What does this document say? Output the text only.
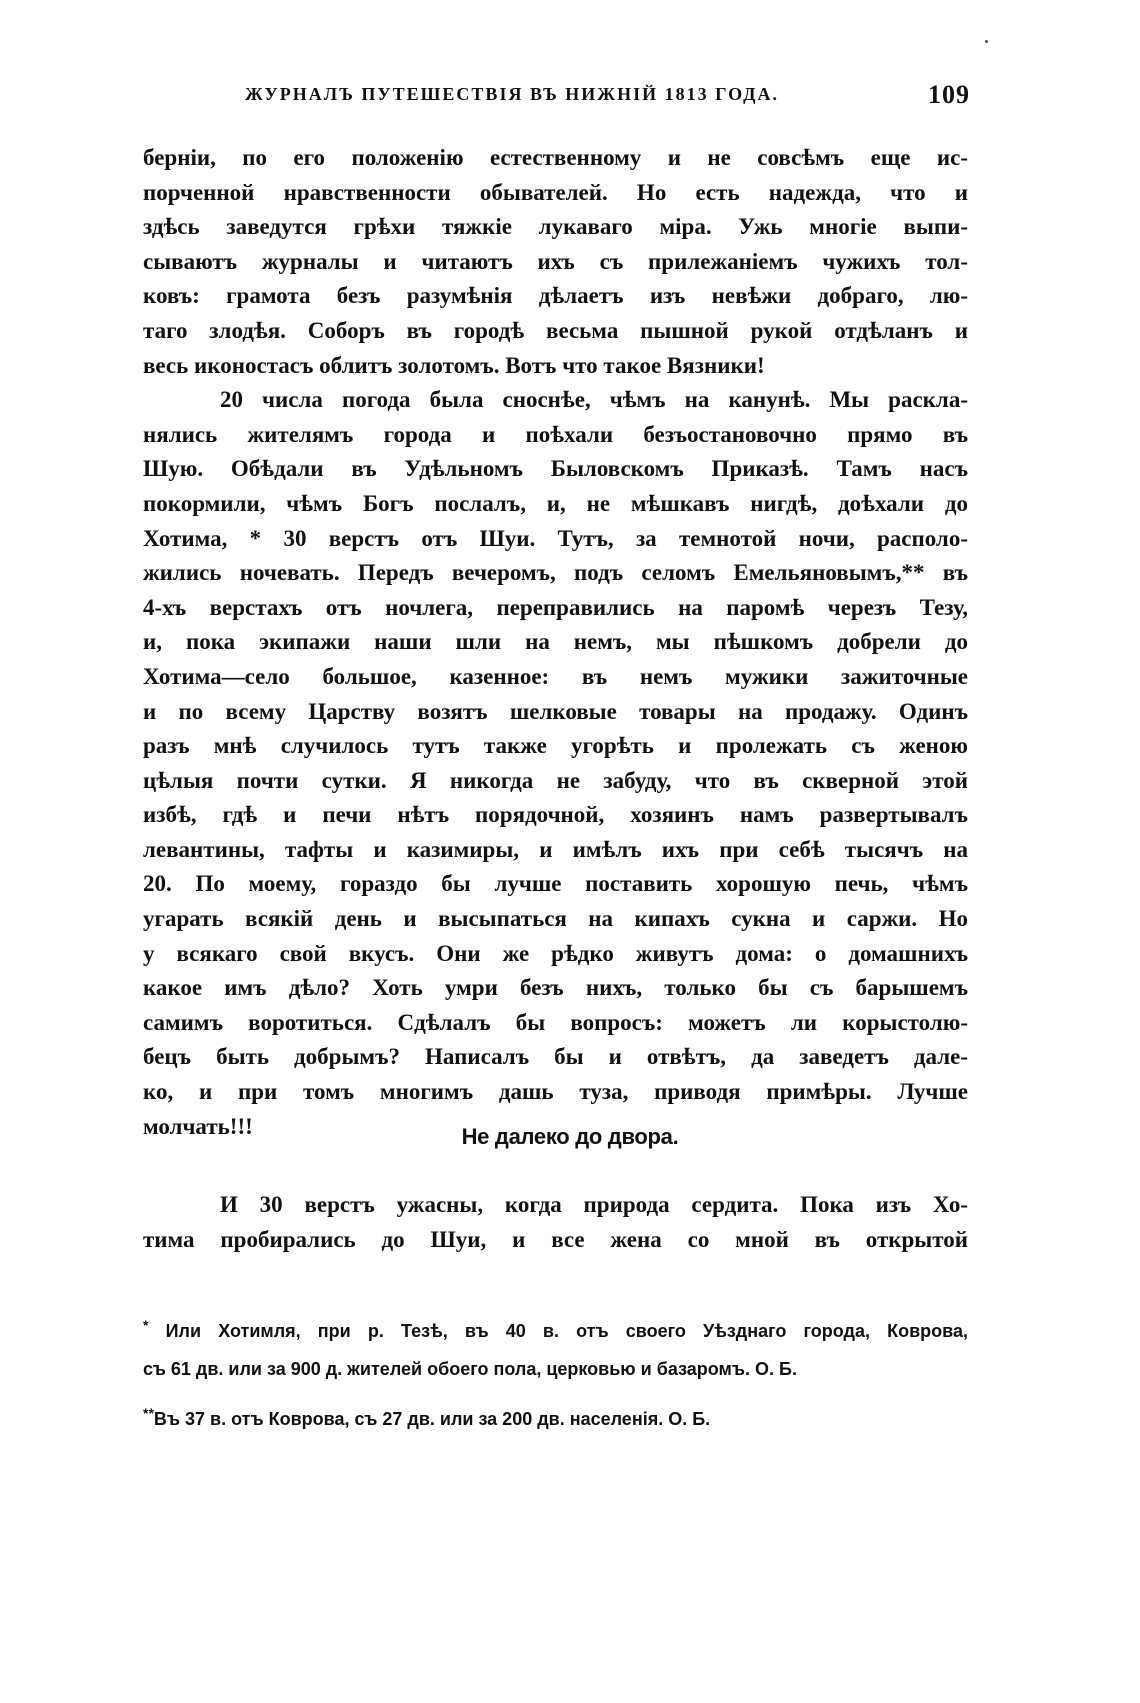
ЖУРНАЛЪ ПУТЕШЕСТВІЯ ВЪ НИЖНІЙ 1813 ГОДА.	109
берніи, по его положенію естественному и не совсѣмъ еще ис-
порченной нравственности обывателей. Но есть надежда, что и
здѣсь заведутся грѣхи тяжкіе лукаваго міра. Ужь многіе выпи-
сываютъ журналы и читаютъ ихъ съ прилежаніемъ чужихъ тол-
ковъ: грамота безъ разумѣнія дѣлаетъ изъ невѣжи добраго, лю-
таго злодѣя. Соборъ въ городѣ весьма пышной рукой отдѣланъ и
весь иконостасъ облитъ золотомъ. Вотъ что такое Вязники!
20 числа погода была сноснѣе, чѣмъ на канунѣ. Мы раскла-
нялись жителямъ города и поѣхали безъостановочно прямо въ
Шую. Обѣдали въ Удѣльномъ Быловскомъ Приказѣ. Тамъ насъ
покормили, чѣмъ Богъ послалъ, и, не мѣшкавъ нигдѣ, доѣхали до
Хотима, * 30 верстъ отъ Шуи. Тутъ, за темнотой ночи, располо-
жились ночевать. Передъ вечеромъ, подъ селомъ Емельяновымъ,** въ
4-хъ верстахъ отъ ночлега, переправились на паромѣ черезъ Тезу,
и, пока экипажи наши шли на немъ, мы пѣшкомъ добрели до
Хотима—село большое, казенное: въ немъ мужики зажиточные
и по всему Царству возятъ шелковые товары на продажу. Одинъ
разъ мнѣ случилось тутъ также угорѣть и пролежать съ женою
цѣлыя почти сутки. Я никогда не забуду, что въ скверной этой
избѣ, гдѣ и печи нѣтъ порядочной, хозяинъ намъ развертывалъ
левантины, тафты и казимиры, и имѣлъ ихъ при себѣ тысячъ на
20. По моему, гораздо бы лучше поставить хорошую печь, чѣмъ
угарать всякій день и высыпаться на кипахъ сукна и саржи. Но
у всякаго свой вкусъ. Они же рѣдко живутъ дома: о домашнихъ
какое имъ дѣло? Хоть умри безъ нихъ, только бы съ барышемъ
самимъ воротиться. Сдѣлалъ бы вопросъ: можетъ ли корыстолю-
бецъ быть добрымъ? Написалъ бы и отвѣтъ, да заведетъ дале-
ко, и при томъ многимъ дашь туза, приводя примѣры. Лучше
молчать!!!	Не далеко до двора.
И 30 верстъ ужасны, когда природа сердита. Пока изъ Хо-
тима пробирались до Шуи, и все жена со мной въ открытой
* Или Хотимля, при р. Тезѣ, въ 40 в. отъ своего Уѣзднаго города, Коврова,
съ 61 дв. или за 900 д. жителей обоего пола, церковью и базаромъ. О. Б.
**Въ 37 в. отъ Коврова, съ 27 дв. или за 200 дв. населенія. О. Б.
